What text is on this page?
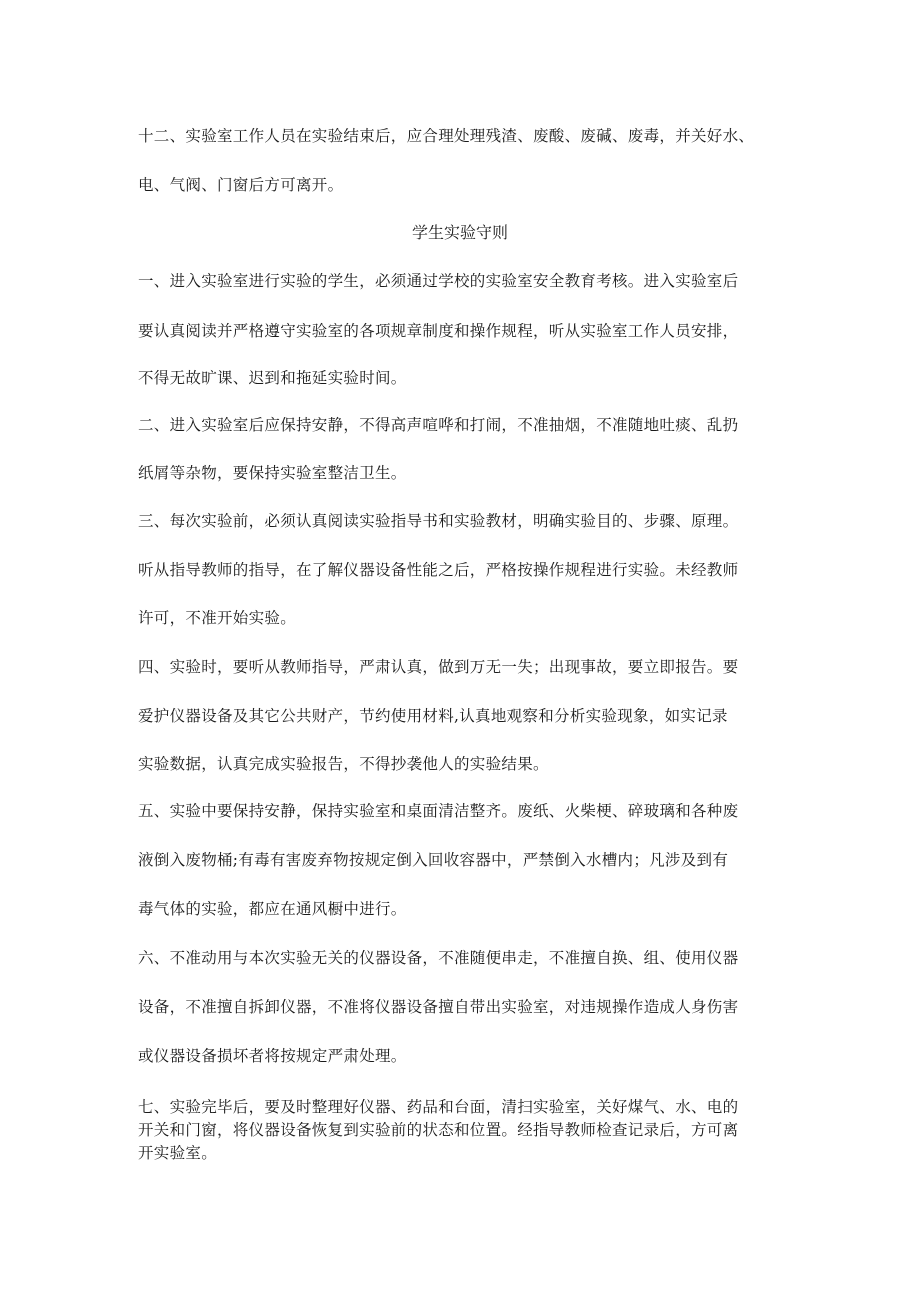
十二、实验室工作人员在实验结束后，应合理处理残渣、废酸、废碱、废毒，并关好水、
电、气阀、门窗后方可离开。
学生实验守则
一、进入实验室进行实验的学生，必须通过学校的实验室安全教育考核。进入实验室后
要认真阅读并严格遵守实验室的各项规章制度和操作规程，听从实验室工作人员安排，
不得无故旷课、迟到和拖延实验时间。
二、进入实验室后应保持安静，不得高声喧哗和打闹，不准抽烟，不准随地吐痰、乱扔
纸屑等杂物，要保持实验室整洁卫生。
三、每次实验前，必须认真阅读实验指导书和实验教材，明确实验目的、步骤、原理。
听从指导教师的指导，在了解仪器设备性能之后，严格按操作规程进行实验。未经教师
许可，不准开始实验。
四、实验时，要听从教师指导，严肃认真，做到万无一失；出现事故，要立即报告。要
爱护仪器设备及其它公共财产，节约使用材料,认真地观察和分析实验现象，如实记录
实验数据，认真完成实验报告，不得抄袭他人的实验结果。
五、实验中要保持安静，保持实验室和桌面清洁整齐。废纸、火柴梗、碎玻璃和各种废
液倒入废物桶;有毒有害废弃物按规定倒入回收容器中，严禁倒入水槽内；凡涉及到有
毒气体的实验，都应在通风橱中进行。
六、不准动用与本次实验无关的仪器设备，不准随便串走，不准擅自换、组、使用仪器
设备，不准擅自拆卸仪器，不准将仪器设备擅自带出实验室，对违规操作造成人身伤害
或仪器设备损坏者将按规定严肃处理。
七、实验完毕后，要及时整理好仪器、药品和台面，清扫实验室，关好煤气、水、电的
开关和门窗，将仪器设备恢复到实验前的状态和位置。经指导教师检查记录后，方可离
开实验室。
